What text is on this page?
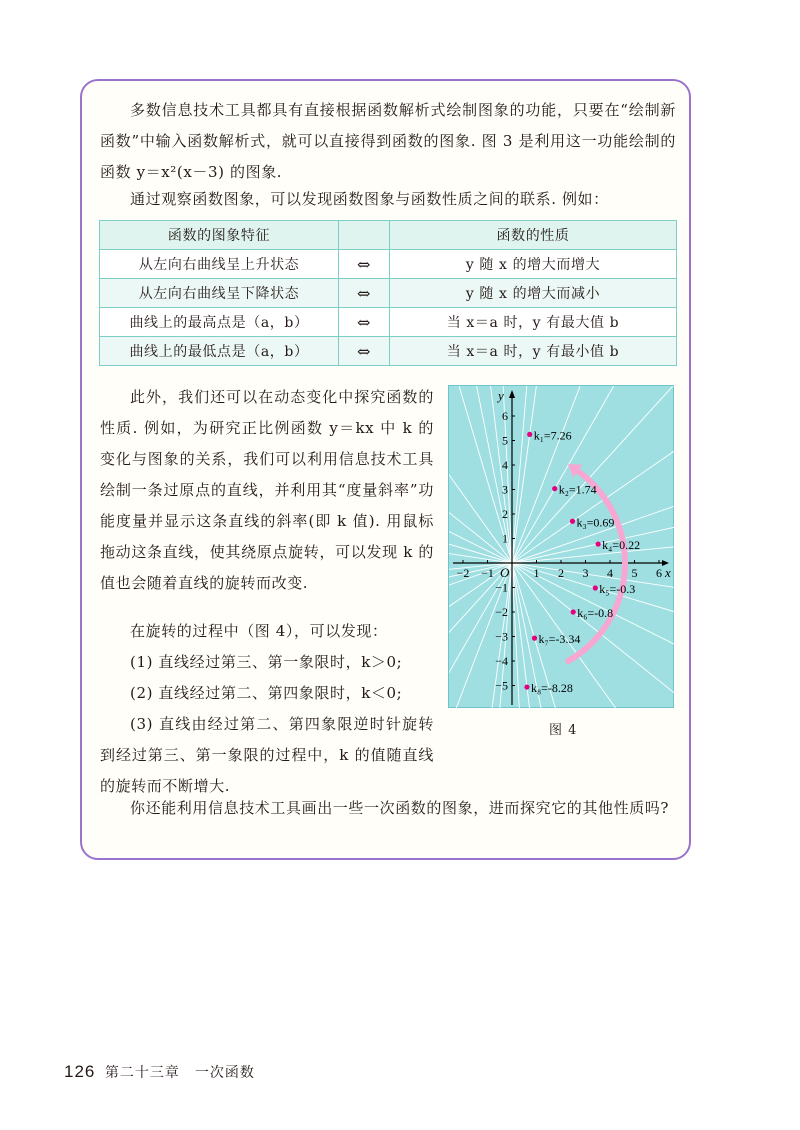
多数信息技术工具都具有直接根据函数解析式绘制图象的功能，只要在“绘制新函数”中输入函数解析式，就可以直接得到函数的图象. 图 3 是利用这一功能绘制的函数 y＝x²(x－3) 的图象.

通过观察函数图象，可以发现函数图象与函数性质之间的联系. 例如：

函数的图象特征		函数的性质
从左向右曲线呈上升状态	⇔	y 随 x 的增大而增大
从左向右曲线呈下降状态	⇔	y 随 x 的增大而减小
曲线上的最高点是（a，b）	⇔	当 x＝a 时，y 有最大值 b
曲线上的最低点是（a，b）	⇔	当 x＝a 时，y 有最小值 b

此外，我们还可以在动态变化中探究函数的性质. 例如，为研究正比例函数 y＝kx 中 k 的变化与图象的关系，我们可以利用信息技术工具绘制一条过原点的直线，并利用其“度量斜率”功能度量并显示这条直线的斜率(即 k 值). 用鼠标拖动这条直线，使其绕原点旋转，可以发现 k 的值也会随着直线的旋转而改变.

在旋转的过程中（图 4），可以发现：

(1) 直线经过第三、第一象限时，k＞0;

(2) 直线经过第二、第四象限时，k＜0;

(3) 直线由经过第二、第四象限逆时针旋转到经过第三、第一象限的过程中，k 的值随直线的旋转而不断增大.

你还能利用信息技术工具画出一些一次函数的图象，进而探究它的其他性质吗?

−2 −1	1 2 3 4 5 6
6
5
4
3
2
1
−1
−2
−3
−4
−5
x
y
O
k₁=7.26
k₂=1.74
k₃=0.69
k₄=0.22
k₅=-0.3
k₆=-0.8
k₇=-3.34
k₈=-8.28
图 4
126 第二十三章　一次函数
